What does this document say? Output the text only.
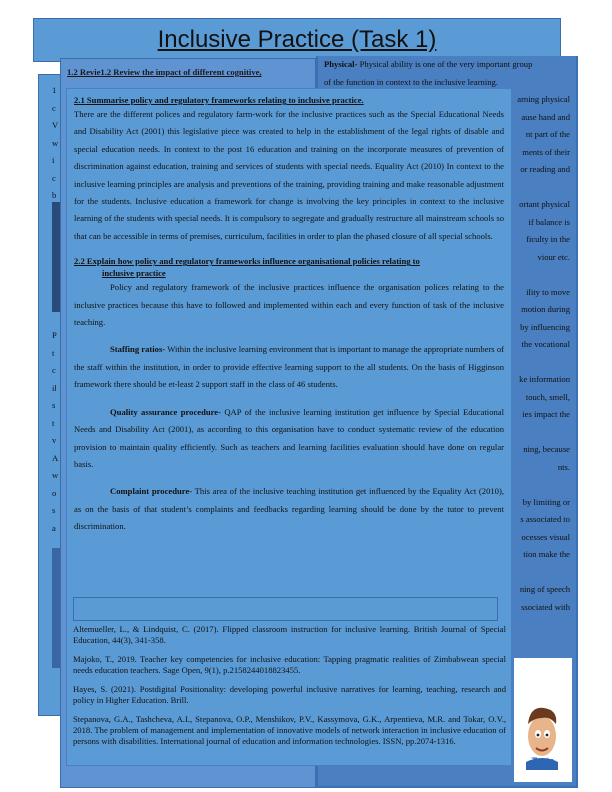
Inclusive Practice (Task 1)
1
c
V
w
i
c
b
P
t
c
il
s
t
v
A
w
o
s
a
Physical- Physical ability is one of the very important group
of the function in context to the inclusive learning.
arning physical
ause hand and
nt part of the
ments of their
or reading and
ortant physical
if balance is
ficulty in the
viour etc.
ility to move
motion during
by influencing
the vocational
ke information
touch, smell,
ies impact the
ning, because
nts.
by limiting or
s associated to
ocesses visual
tion make the
ning of speech
ssociated with
Taste
1.2 Revie1.2 Review the impact of different cognitive,
2.1 Summarise policy and regulatory frameworks relating to inclusive practice.

There are the different polices and regulatory farm-work for the inclusive practices such as the Special Educational Needs and Disability Act (2001) this legislative piece was created to help in the establishment of the legal rights of disable and special education needs. In context to the post 16 education and training on the incorporate measures of prevention of discrimination against education, training and services of students with special needs. Equality Act (2010) In context to the inclusive learning principles are analysis and preventions of the training, providing training and make reasonable adjustment for the students. Inclusive education a framework for change is involving the key principles in context to the inclusive learning of the students with special needs. It is compulsory to segregate and gradually restructure all mainstream schools so that can be accessible in terms of premises, curriculum, facilities in order to plan the phased closure of all special schools.

2.2 Explain how policy and regulatory frameworks influence organisational policies relating to
inclusive practice

Policy and regulatory framework of the inclusive practices influence the organisation polices relating to the inclusive practices because this have to followed and implemented within each and every function of task of the inclusive teaching.

Staffing ratios- Within the inclusive learning environment that is important to manage the appropriate numbers of the staff within the institution, in order to provide effective learning support to the all students. On the basis of Higginson framework there should be et-least 2 support staff in the class of 46 students.

Quality assurance procedure- QAP of the inclusive learning institution get influence by Special Educational Needs and Disability Act (2001), as according to this organisation have to conduct systematic review of the education provision to maintain quality efficiently. Such as teachers and learning facilities evaluation should have done on regular basis.

Complaint procedure- This area of the inclusive teaching institution get influenced by the Equality Act (2010), as on the basis of that student’s complaints and feedbacks regarding learning should be done by the tutor to prevent discrimination.

Altemueller, L., & Lindquist, C. (2017). Flipped classroom instruction for inclusive learning. British Journal of Special Education, 44(3), 341-358.

Majoko, T., 2019. Teacher key competencies for inclusive education: Tapping pragmatic realities of Zimbabwean special needs education teachers. Sage Open, 9(1), p.2158244018823455.

Hayes, S. (2021). Postdigital Positionality: developing powerful inclusive narratives for learning, teaching, research and policy in Higher Education. Brill.

Stepanova, G.A., Tashcheva, A.I., Stepanova, O.P., Menshikov, P.V., Kassymova, G.K., Arpentieva, M.R. and Tokar, O.V., 2018. The problem of management and implementation of innovative models of network interaction in inclusive education of persons with disabilities. International journal of education and information technologies. ISSN, pp.2074-1316.
